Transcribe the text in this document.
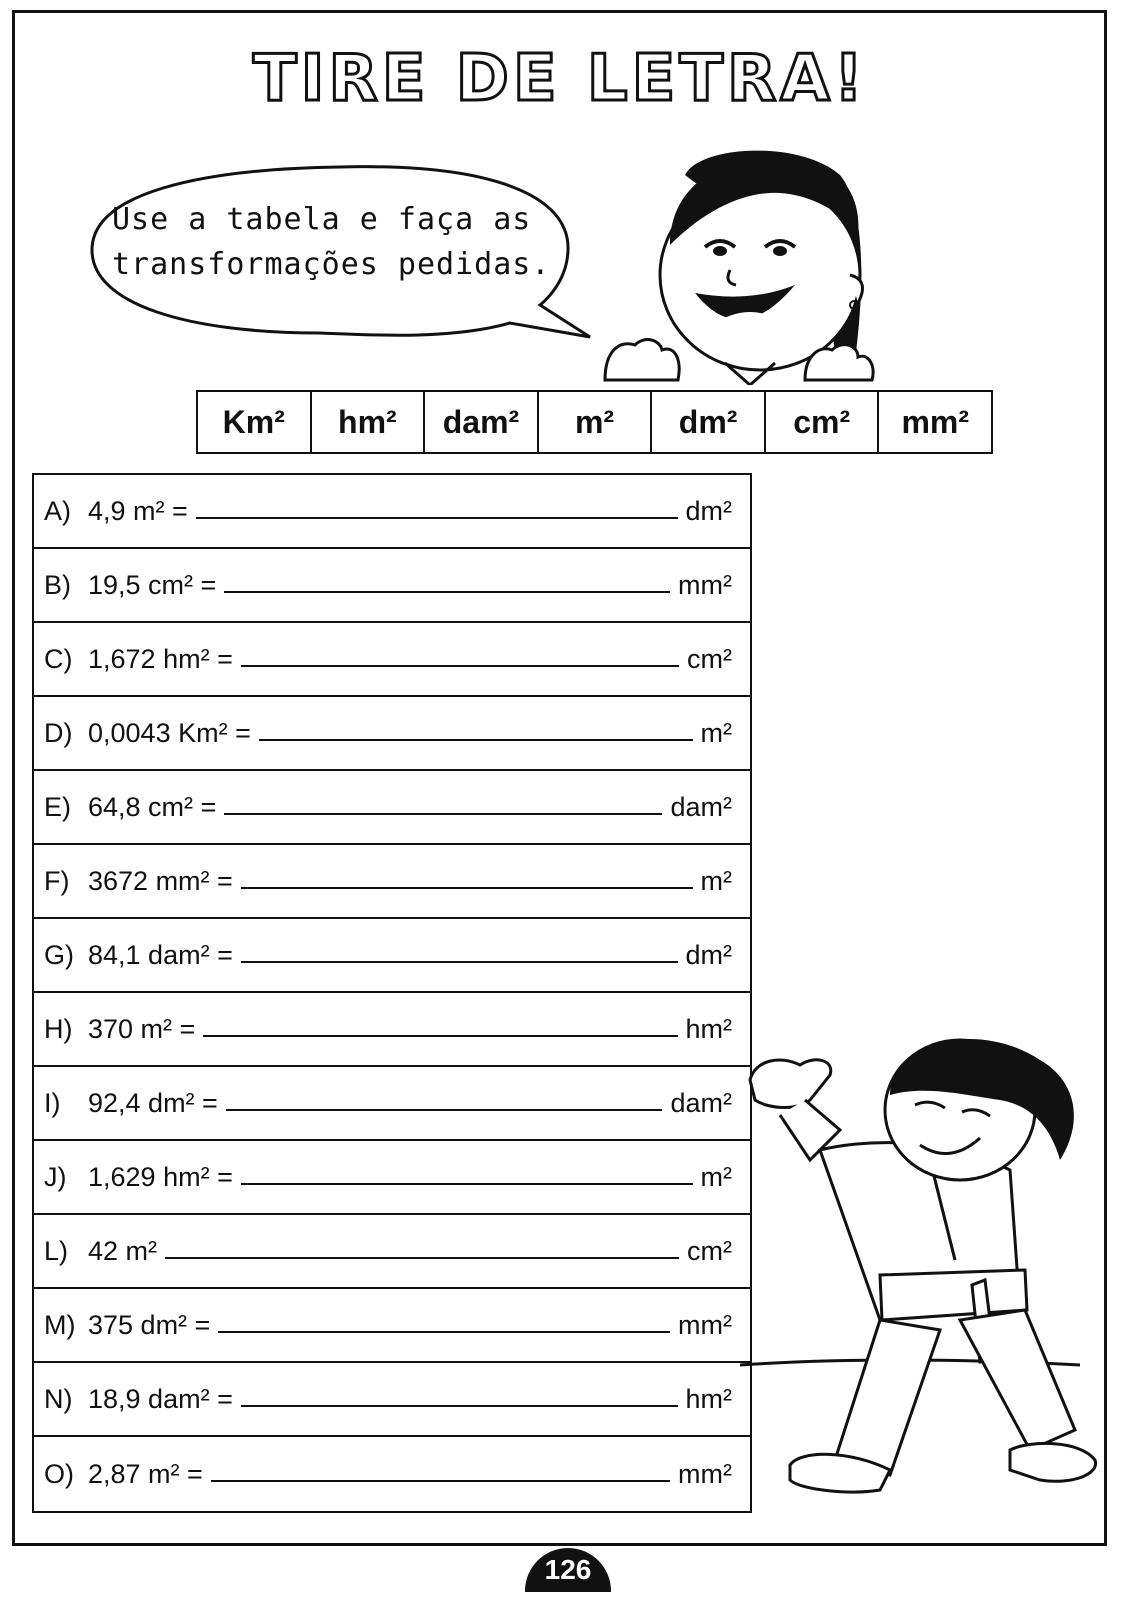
TIRE DE LETRA!
Use a tabela e faça as transformações pedidas.
Km²	hm²	dam²	m²	dm²	cm²	mm²
A) 4,9 m² =	dm²
B) 19,5 cm² =	mm²
C) 1,672 hm² =	cm²
D) 0,0043 Km² =	m²
E) 64,8 cm² =	dam²
F) 3672 mm² =	m²
G) 84,1 dam² =	dm²
H) 370 m² =	hm²
I)	92,4 dm² =	dam²
J) 1,629 hm² =	m²
L) 42 m²	cm²
M) 375 dm² =	mm²
N) 18,9 dam² =	hm²
O) 2,87 m² =	mm²
126
